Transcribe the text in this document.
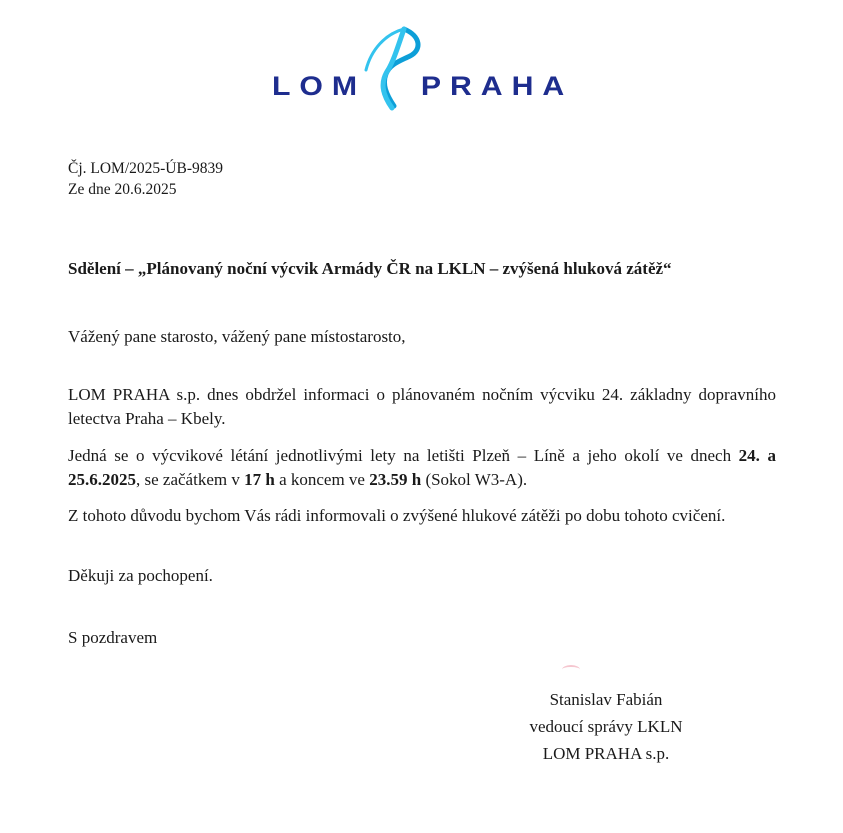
LOM PRAHA
Čj. LOM/2025-ÚB-9839
Ze dne 20.6.2025
Sdělení – „Plánovaný noční výcvik Armády ČR na LKLN – zvýšená hluková zátěž“
Vážený pane starosto, vážený pane místostarosto,

LOM PRAHA s.p. dnes obdržel informaci o plánovaném nočním výcviku 24. základny dopravního letectva Praha – Kbely.

Jedná se o výcvikové létání jednotlivými lety na letišti Plzeň – Líně a jeho okolí ve dnech 24. a 25.6.2025, se začátkem v 17 h a koncem ve 23.59 h (Sokol W3-A).

Z tohoto důvodu bychom Vás rádi informovali o zvýšené hlukové zátěži po dobu tohoto cvičení.

Děkuji za pochopení.
S pozdravem
Stanislav Fabián
vedoucí správy LKLN
LOM PRAHA s.p.
